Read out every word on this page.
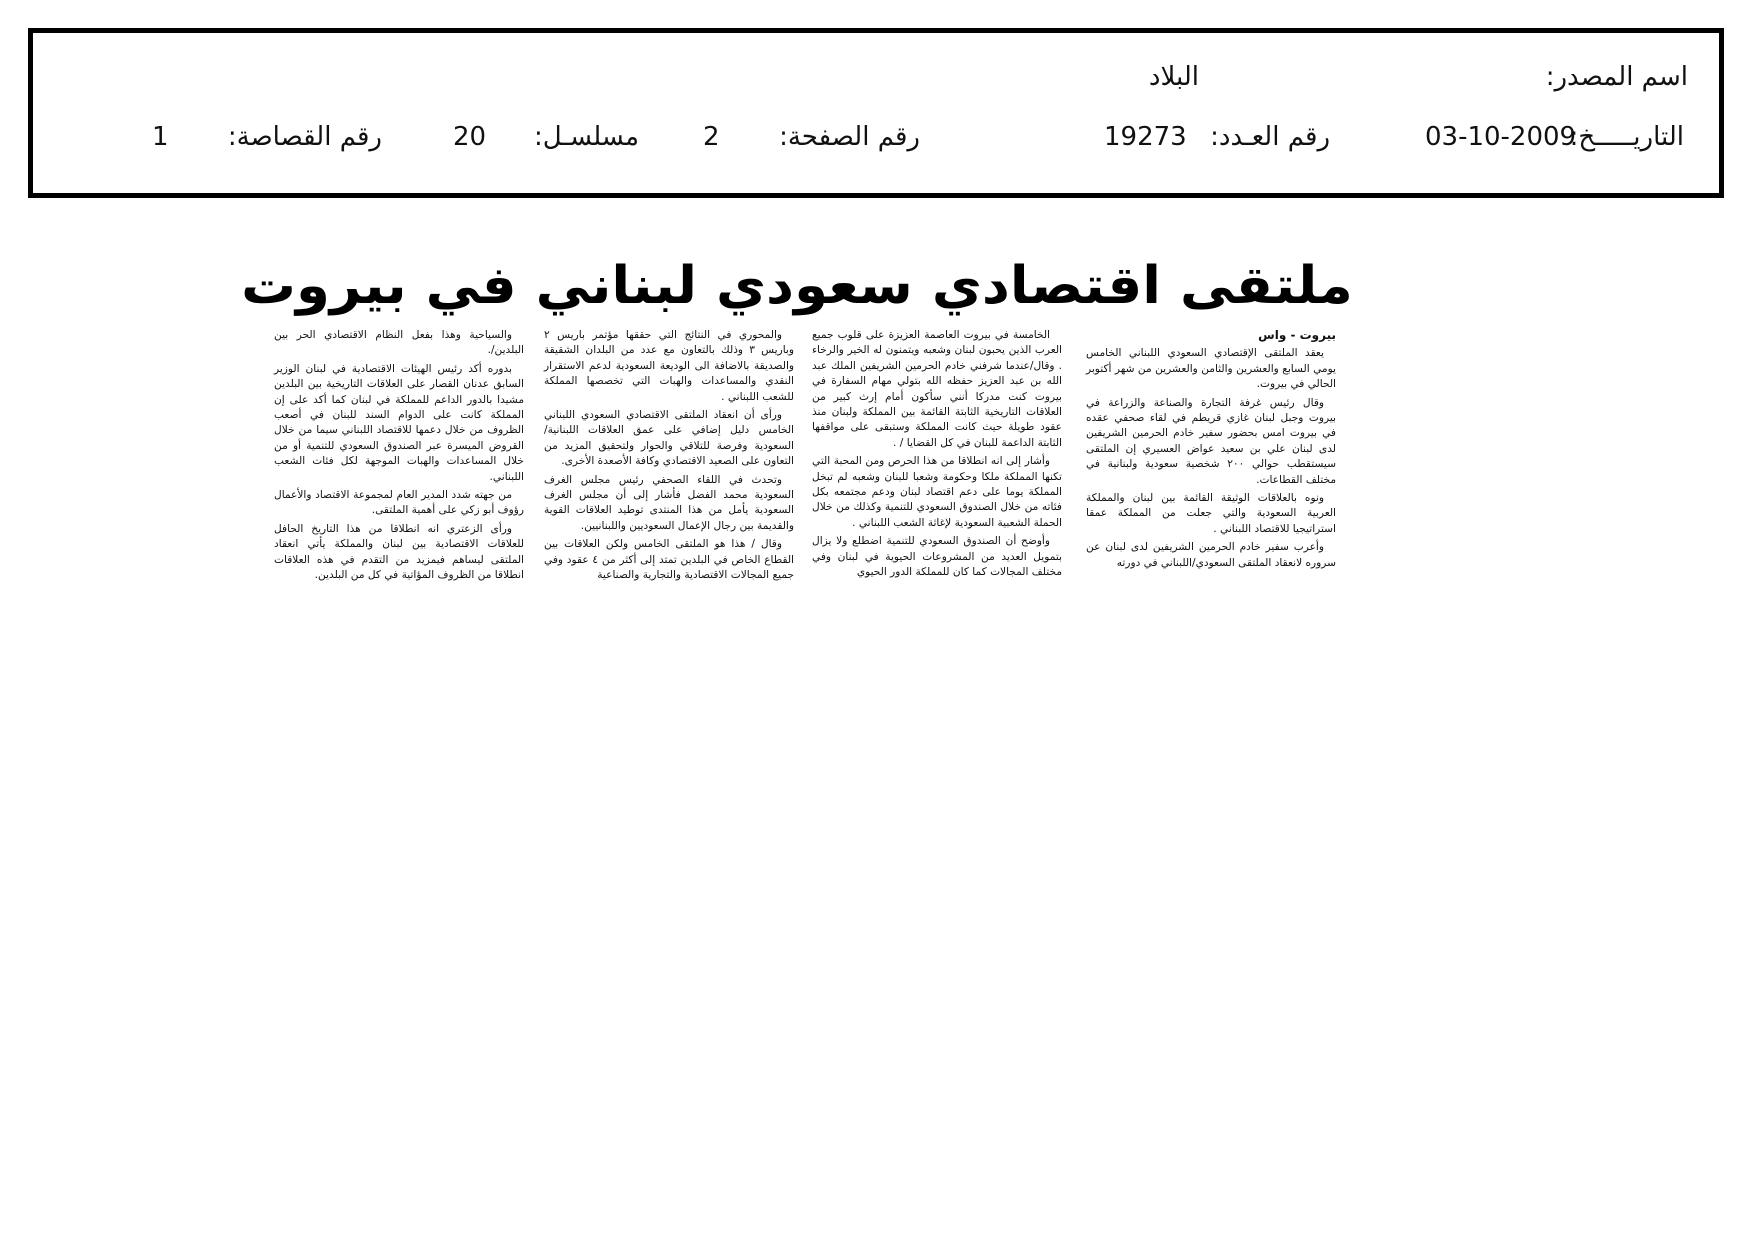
اسم المصدر:
البلاد
التاريـــــخ:
03-10-2009
رقم العـدد:
19273
رقم الصفحة:
2
مسلسـل:
20
رقم القصاصة:
1
ملتقى اقتصادي سعودي لبناني في بيروت

بيروت - واس

يعقد الملتقى الإقتصادي السعودي اللبناني الخامس يومي السابع والعشرين والثامن والعشرين من شهر أكتوبر الحالي في بيروت.

وقال رئيس غرفة التجارة والصناعة والزراعة في بيروت وجبل لبنان غازي قريطم في لقاء صحفي عقده في بيروت امس بحضور سفير خادم الحرمين الشريفين لدى لبنان علي بن سعيد عواض العسيري إن الملتقى سيستقطب حوالي ٢٠٠ شخصية سعودية ولبنانية في مختلف القطاعات.

ونوه بالعلاقات الوثيقة القائمة بين لبنان والمملكة العربية السعودية والتي جعلت من المملكة عمقا استراتيجيا للاقتصاد اللبناني .

وأعرب سفير خادم الحرمين الشريفين لدى لبنان عن سروره لانعقاد الملتقى السعودي/اللبناني في دورته

الخامسة في بيروت العاصمة العزيزة على قلوب جميع العرب الذين يحبون لبنان وشعبه ويتمنون له الخير والرخاء . وقال/عندما شرفني خادم الحرمين الشريفين الملك عبد الله بن عبد العزيز حفظه الله بتولي مهام السفارة في بيروت كنت مدركا أنني سأكون أمام إرث كبير من العلاقات التاريخية الثابتة القائمة بين المملكة ولبنان منذ عقود طويلة حيث كانت المملكة وستبقى على مواقفها الثابتة الداعمة للبنان في كل القضايا / .

وأشار إلى انه انطلاقا من هذا الحرص ومن المحبة التي تكنها المملكة ملكا وحكومة وشعبا للبنان وشعبه لم تبخل المملكة يوما على دعم اقتصاد لبنان ودعم مجتمعه بكل فئاته من خلال الصندوق السعودي للتنمية وكذلك من خلال الحملة الشعبية السعودية لإغاثة الشعب اللبناني .

وأوضح أن الصندوق السعودي للتنمية اضطلع ولا يزال بتمويل العديد من المشروعات الحيوية في لبنان وفي مختلف المجالات كما كان للمملكة الدور الحيوي

والمحوري في النتائج التي حققها مؤتمر باريس ٢ وباريس ٣ وذلك بالتعاون مع عدد من البلدان الشقيقة والصديقة بالاضافة الى الوديعة السعودية لدعم الاستقرار النقدي والمساعدات والهبات التي تخصصها المملكة للشعب اللبناني .

ورأى أن انعقاد الملتقى الاقتصادي السعودي اللبناني الخامس دليل إضافي على عمق العلاقات اللبنانية/ السعودية وفرصة للتلاقي والحوار ولتحقيق المزيد من التعاون على الصعيد الاقتصادي وكافة الأصعدة الأخرى.

وتحدث في اللقاء الصحفي رئيس مجلس الغرف السعودية محمد الفضل فأشار إلى أن مجلس الغرف السعودية يأمل من هذا المنتدى توطيد العلاقات القوية والقديمة بين رجال الإعمال السعوديين واللبنانيين.

وقال / هذا هو الملتقى الخامس ولكن العلاقات بين القطاع الخاص في البلدين تمتد إلى أكثر من ٤ عقود وفي جميع المجالات الاقتصادية والتجارية والصناعية

والسياحية وهذا بفعل النظام الاقتصادي الحر بين البلدين/.

بدوره أكد رئيس الهيئات الاقتصادية في لبنان الوزير السابق عدنان القصار على العلاقات التاريخية بين البلدين مشيدا بالدور الداعم للمملكة في لبنان كما أكد على إن المملكة كانت على الدوام السند للبنان في أصعب الظروف من خلال دعمها للاقتصاد اللبناني سيما من خلال القروض الميسرة عبر الصندوق السعودي للتنمية أو من خلال المساعدات والهبات الموجهة لكل فئات الشعب اللبناني.

من جهته شدد المدير العام لمجموعة الاقتصاد والأعمال رؤوف أبو زكي على أهمية الملتقى.

ورأى الزعتري انه انطلاقا من هذا التاريخ الحافل للعلاقات الاقتصادية بين لبنان والمملكة يأتي انعقاد الملتقى ليساهم فيمزيد من التقدم في هذه العلاقات انطلاقا من الظروف المؤاتية في كل من البلدين.
